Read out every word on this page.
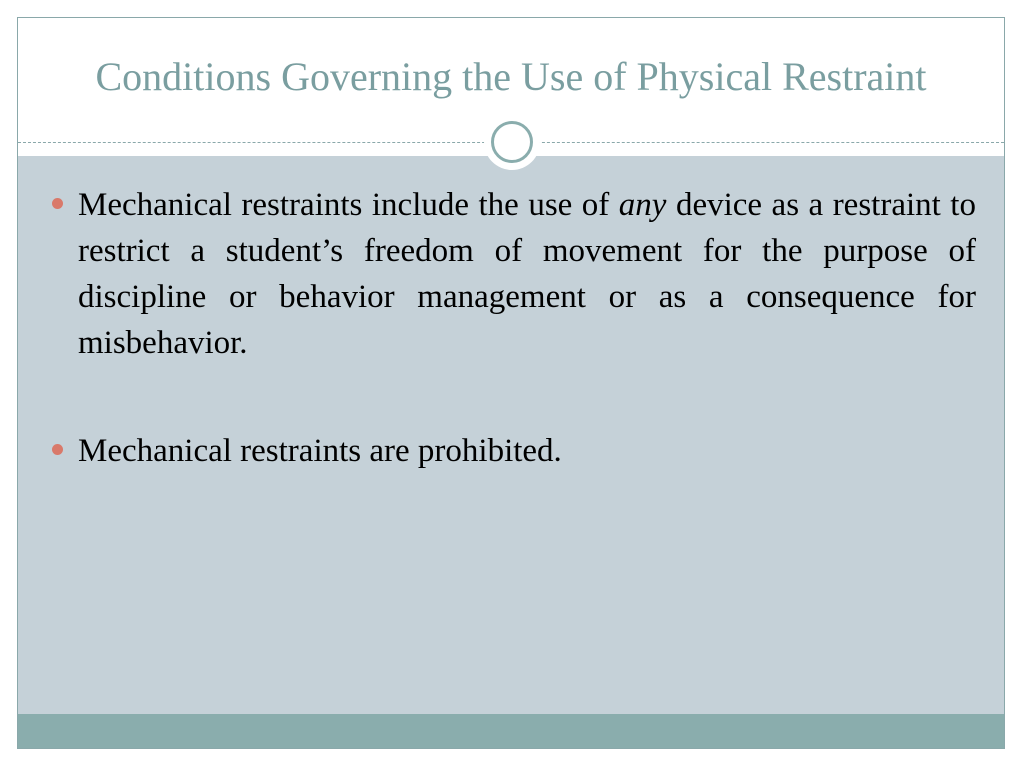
Conditions Governing the Use of Physical Restraint
Mechanical restraints include the use of any device as a restraint to restrict a student’s freedom of movement for the purpose of discipline or behavior management or as a consequence for misbehavior.
Mechanical restraints are prohibited.
